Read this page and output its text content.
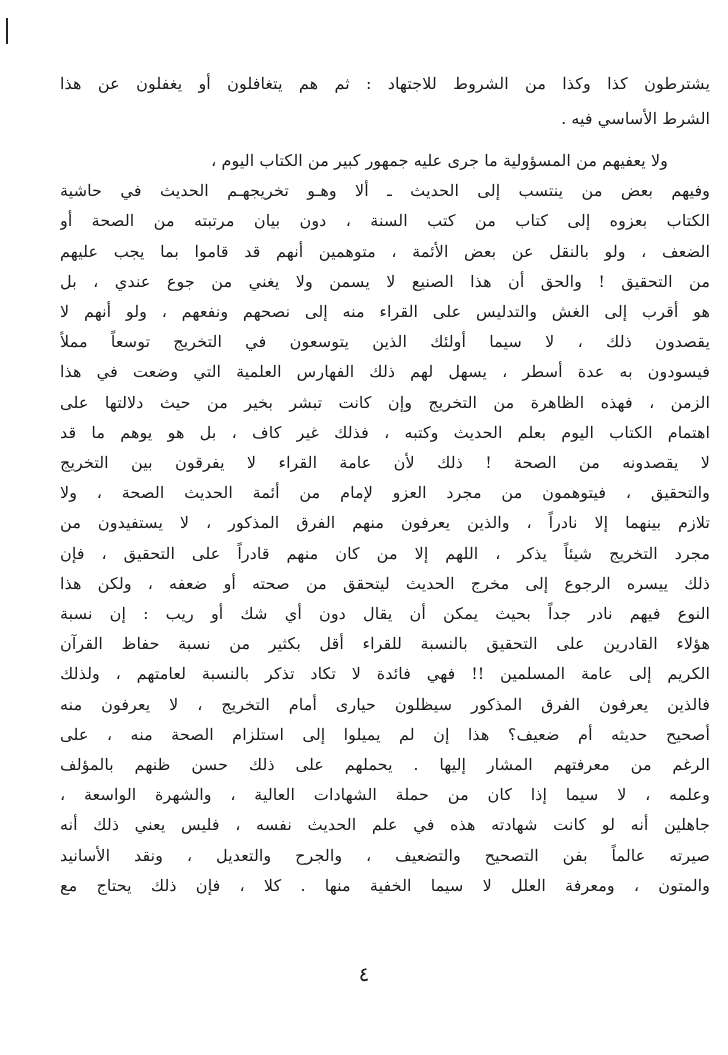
يشترطون كذا وكذا من الشروط للاجتهاد : ثم هم يتغافلون أو يغفلون عن هذا
الشرط الأساسي فيه .
ولا يعفيهم من المسؤولية ما جرى عليه جمهور كبير من الكتاب اليوم ،
وفيهم بعض من ينتسب إلى الحديث ـ ألا وهـو تخريجهـم الحديث في حاشية
الكتاب بعزوه إلى كتاب من كتب السنة ، دون بيان مرتبته من الصحة أو
الضعف ، ولو بالنقل عن بعض الأئمة ، متوهمين أنهم قد قاموا بما يجب عليهم
من التحقيق ! والحق أن هذا الصنيع لا يسمن ولا يغني من جوع عندي ، بل
هو أقرب إلى الغش والتدليس على القراء منه إلى نصحهم ونفعهم ، ولو أنهم لا
يقصدون ذلك ، لا سيما أولئك الذين يتوسعون في التخريج توسعاً مملاً
فيسودون به عدة أسطر ، يسهل لهم ذلك الفهارس العلمية التي وضعت في هذا
الزمن ، فهذه الظاهرة من التخريج وإن كانت تبشر بخير من حيث دلالتها على
اهتمام الكتاب اليوم بعلم الحديث وكتبه ، فذلك غير كاف ، بل هو يوهم ما قد
لا يقصدونه من الصحة ! ذلك لأن عامة القراء لا يفرقون بين التخريج
والتحقيق ، فيتوهمون من مجرد العزو لإمام من أئمة الحديث الصحة ، ولا
تلازم بينهما إلا نادراً ، والذين يعرفون منهم الفرق المذكور ، لا يستفيدون من
مجرد التخريج شيئاً يذكر ، اللهم إلا من كان منهم قادراً على التحقيق ، فإن
ذلك ييسره الرجوع إلى مخرج الحديث ليتحقق من صحته أو ضعفه ، ولكن هذا
النوع فيهم نادر جداً بحيث يمكن أن يقال دون أي شك أو ريب : إن نسبة
هؤلاء القادرين على التحقيق بالنسبة للقراء أقل بكثير من نسبة حفاظ القرآن
الكريم إلى عامة المسلمين !! فهي فائدة لا تكاد تذكر بالنسبة لعامتهم ، ولذلك
فالذين يعرفون الفرق المذكور سيظلون حيارى أمام التخريج ، لا يعرفون منه
أصحيح حديثه أم ضعيف؟ هذا إن لم يميلوا إلى استلزام الصحة منه ، على
الرغم من معرفتهم المشار إليها . يحملهم على ذلك حسن ظنهم بالمؤلف
وعلمه ، لا سيما إذا كان من حملة الشهادات العالية ، والشهرة الواسعة ،
جاهلين أنه لو كانت شهادته هذه في علم الحديث نفسه ، فليس يعني ذلك أنه
صيرته عالماً بفن التصحيح والتضعيف ، والجرح والتعديل ، ونقد الأسانيد
والمتون ، ومعرفة العلل لا سيما الخفية منها . كلا ، فإن ذلك يحتاج مع
٤
